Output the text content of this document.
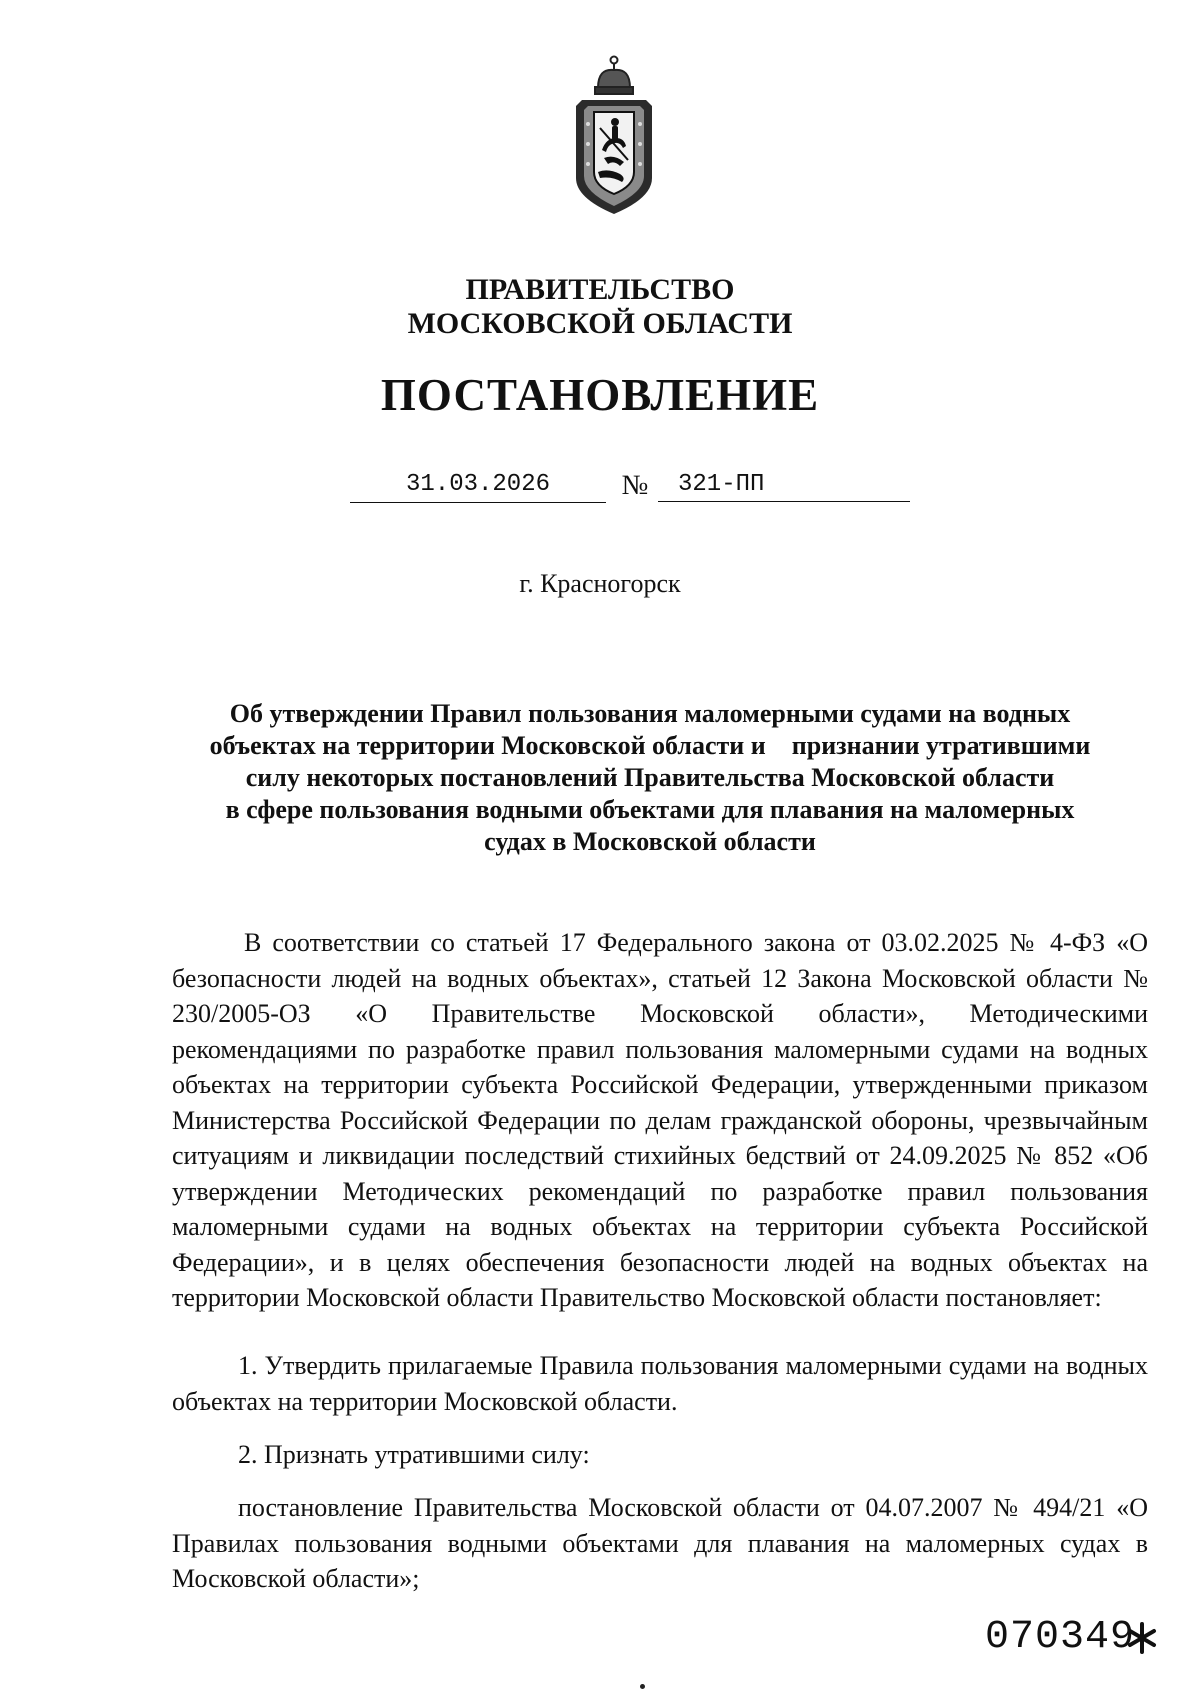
ПРАВИТЕЛЬСТВО
МОСКОВСКОЙ ОБЛАСТИ
ПОСТАНОВЛЕНИЕ
31.03.2026	№	321-ПП
г. Красногорск
Об утверждении Правил пользования маломерными судами на водных
объектах на территории Московской области и    признании утратившими
силу некоторых постановлений Правительства Московской области
в сфере пользования водными объектами для плавания на маломерных
судах в Московской области

В соответствии со статьей 17 Федерального закона от 03.02.2025 № 4-ФЗ «О безопасности людей на водных объектах», статьей 12 Закона Московской области № 230/2005-ОЗ «О Правительстве Московской области», Методическими рекомендациями по разработке правил пользования маломерными судами на водных объектах на территории субъекта Российской Федерации, утвержденными приказом Министерства Российской Федерации по делам гражданской обороны, чрезвычайным ситуациям и ликвидации последствий стихийных бедствий от 24.09.2025 № 852 «Об утверждении Методических рекомендаций по разработке правил пользования маломерными судами на водных объектах на территории субъекта Российской Федерации», и в целях обеспечения безопасности людей на водных объектах на территории Московской области Правительство Московской области постановляет:

1. Утвердить прилагаемые Правила пользования маломерными судами на водных объектах на территории Московской области.

2. Признать утратившими силу:

постановление Правительства Московской области от 04.07.2007 № 494/21 «О Правилах пользования водными объектами для плавания на маломерных судах в Московской области»;

070349
